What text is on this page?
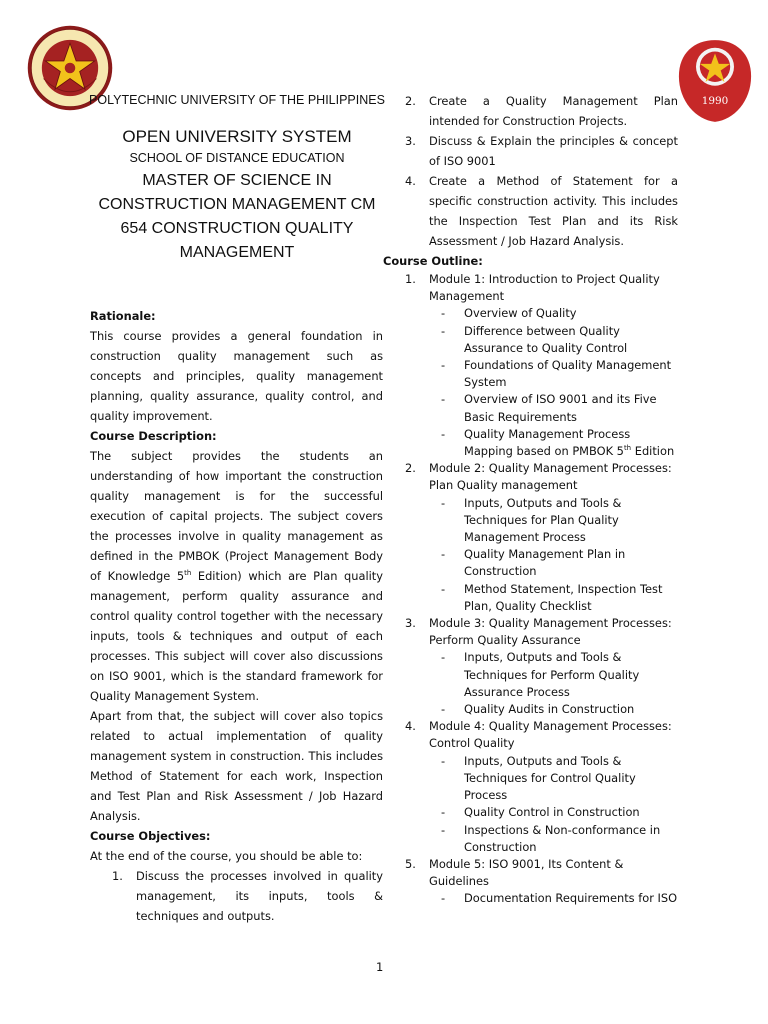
1990
POLYTECHNIC UNIVERSITY OF THE PHILIPPINES
OPEN UNIVERSITY SYSTEM
SCHOOL OF DISTANCE EDUCATION
MASTER OF SCIENCE IN CONSTRUCTION MANAGEMENT CM 654 CONSTRUCTION QUALITY MANAGEMENT

Rationale:

This course provides a general foundation in construction quality management such as concepts and principles, quality management planning, quality assurance, quality control, and quality improvement.

Course Description:

The subject provides the students an understanding of how important the construction quality management is for the successful execution of capital projects. The subject covers the processes involve in quality management as defined in the PMBOK (Project Management Body of Knowledge 5th Edition) which are Plan quality management, perform quality assurance and control quality control together with the necessary inputs, tools & techniques and output of each processes. This subject will cover also discussions on ISO 9001, which is the standard framework for Quality Management System.

Apart from that, the subject will cover also topics related to actual implementation of quality management system in construction. This includes Method of Statement for each work, Inspection and Test Plan and Risk Assessment / Job Hazard Analysis.

Course Objectives:

At the end of the course, you should be able to:

1. Discuss the processes involved in quality management, its inputs, tools & techniques and outputs.
2. Create a Quality Management Plan intended for Construction Projects.
3. Discuss & Explain the principles & concept of ISO 9001
4. Create a Method of Statement for a specific construction activity. This includes the Inspection Test Plan and its Risk Assessment / Job Hazard Analysis.

Course Outline:

1. Module 1: Introduction to Project Quality Management
- Overview of Quality
- Difference between Quality Assurance to Quality Control
- Foundations of Quality Management System
- Overview of ISO 9001 and its Five Basic Requirements
- Quality Management Process Mapping based on PMBOK 5th Edition
2. Module 2: Quality Management Processes: Plan Quality management
- Inputs, Outputs and Tools & Techniques for Plan Quality Management Process
- Quality Management Plan in Construction
- Method Statement, Inspection Test Plan, Quality Checklist
3. Module 3: Quality Management Processes: Perform Quality Assurance
- Inputs, Outputs and Tools & Techniques for Perform Quality Assurance Process
- Quality Audits in Construction
4. Module 4: Quality Management Processes: Control Quality
- Inputs, Outputs and Tools & Techniques for Control Quality Process
- Quality Control in Construction
- Inspections & Non-conformance in Construction
5. Module 5: ISO 9001, Its Content & Guidelines
- Documentation Requirements for ISO
1
